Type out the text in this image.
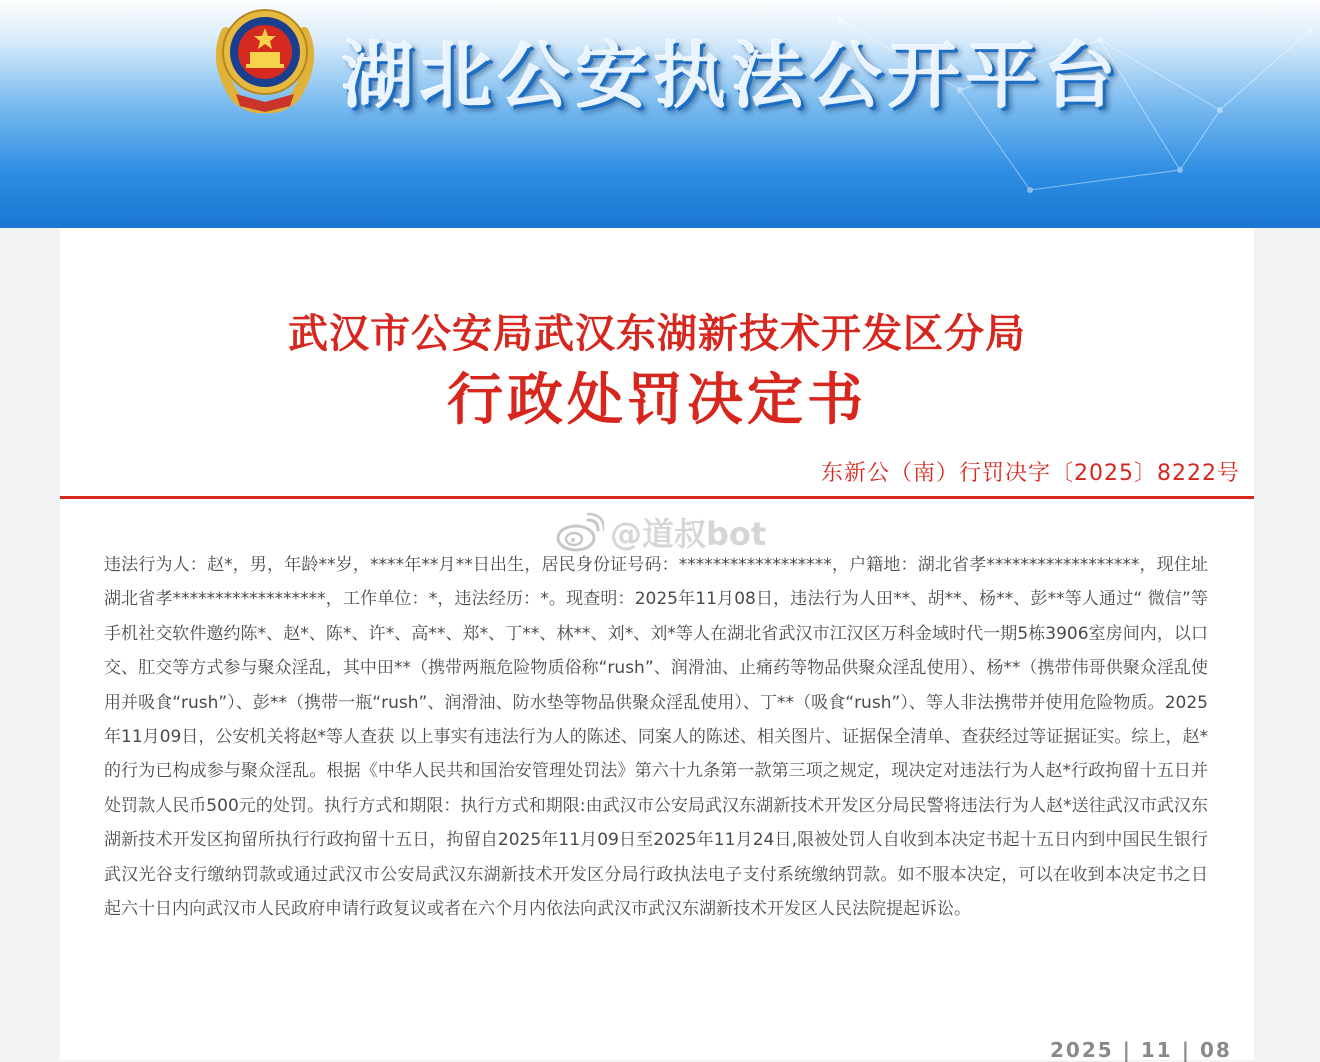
湖北公安执法公开平台
武汉市公安局武汉东湖新技术开发区分局
行政处罚决定书
东新公（南）行罚决字〔2025〕8222号
违法行为人：赵*，男，年龄**岁，****年**月**日出生，居民身份证号码：******************，户籍地：湖北省孝******************，现住址湖北省孝******************，工作单位：*，违法经历：*。现查明：2025年11月08日，违法行为人田**、胡**、杨**、彭**等人通过“ 微信”等手机社交软件邀约陈*、赵*、陈*、许*、高**、郑*、丁**、林**、刘*、刘*等人在湖北省武汉市江汉区万科金域时代一期5栋3906室房间内，以口交、肛交等方式参与聚众淫乱，其中田**（携带两瓶危险物质俗称“rush”、润滑油、止痛药等物品供聚众淫乱使用）、杨**（携带伟哥供聚众淫乱使用并吸食“rush”）、彭**（携带一瓶“rush”、润滑油、防水垫等物品供聚众淫乱使用）、丁**（吸食“rush”）、等人非法携带并使用危险物质。2025年11月09日，公安机关将赵*等人查获 以上事实有违法行为人的陈述、同案人的陈述、相关图片、证据保全清单、查获经过等证据证实。综上，赵*的行为已构成参与聚众淫乱。根据《中华人民共和国治安管理处罚法》第六十九条第一款第三项之规定，现决定对违法行为人赵*行政拘留十五日并处罚款人民币500元的处罚。执行方式和期限：执行方式和期限:由武汉市公安局武汉东湖新技术开发区分局民警将违法行为人赵*送往武汉市武汉东湖新技术开发区拘留所执行行政拘留十五日，拘留自2025年11月09日至2025年11月24日,限被处罚人自收到本决定书起十五日内到中国民生银行武汉光谷支行缴纳罚款或通过武汉市公安局武汉东湖新技术开发区分局行政执法电子支付系统缴纳罚款。如不服本决定，可以在收到本决定书之日起六十日内向武汉市人民政府申请行政复议或者在六个月内依法向武汉市武汉东湖新技术开发区人民法院提起诉讼。
@道叔bot
2025 | 11 | 08
